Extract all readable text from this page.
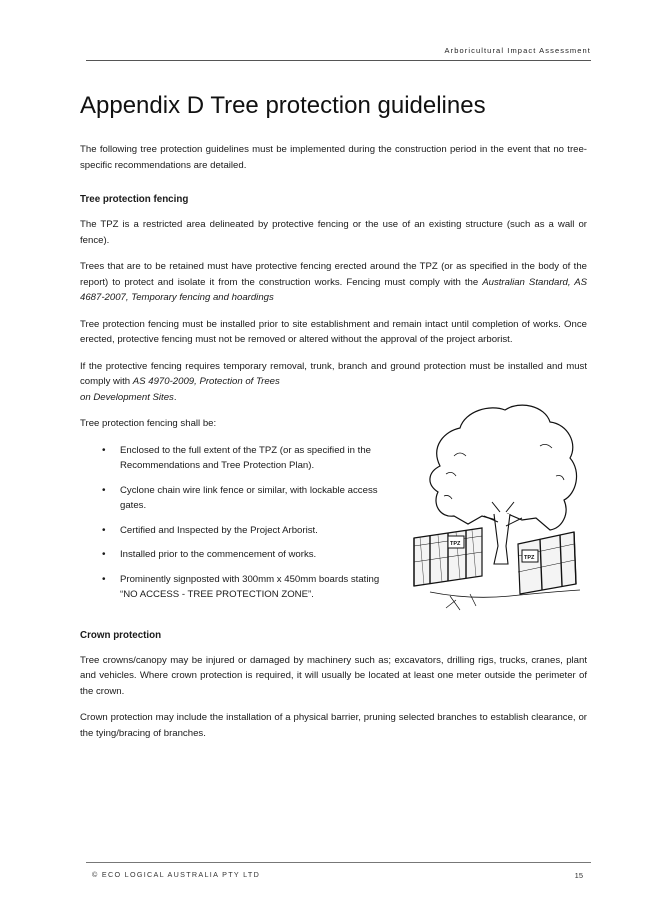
Arboricultural Impact Assessment
Appendix D Tree protection guidelines

The following tree protection guidelines must be implemented during the construction period in the event that no tree-specific recommendations are detailed.

Tree protection fencing

The TPZ is a restricted area delineated by protective fencing or the use of an existing structure (such as a wall or fence).

Trees that are to be retained must have protective fencing erected around the TPZ (or as specified in the body of the report) to protect and isolate it from the construction works. Fencing must comply with the Australian Standard, AS 4687-2007, Temporary fencing and hoardings

Tree protection fencing must be installed prior to site establishment and remain intact until completion of works. Once erected, protective fencing must not be removed or altered without the approval of the project arborist.

If the protective fencing requires temporary removal, trunk, branch and ground protection must be installed and must comply with AS 4970-2009, Protection of Trees
on Development Sites.

Tree protection fencing shall be:

• Enclosed to the full extent of the TPZ (or as specified in the Recommendations and Tree Protection Plan).
• Cyclone chain wire link fence or similar, with lockable access gates.
• Certified and Inspected by the Project Arborist.
• Installed prior to the commencement of works.
• Prominently signposted with 300mm x 450mm boards stating “NO ACCESS - TREE PROTECTION ZONE”.
Crown protection

Tree crowns/canopy may be injured or damaged by machinery such as; excavators, drilling rigs, trucks, cranes, plant and vehicles. Where crown protection is required, it will usually be located at least one meter outside the perimeter of the crown.

Crown protection may include the installation of a physical barrier, pruning selected branches to establish clearance, or the tying/bracing of branches.

TPZ
TPZ
© ECO LOGICAL AUSTRALIA PTY LTD	15
